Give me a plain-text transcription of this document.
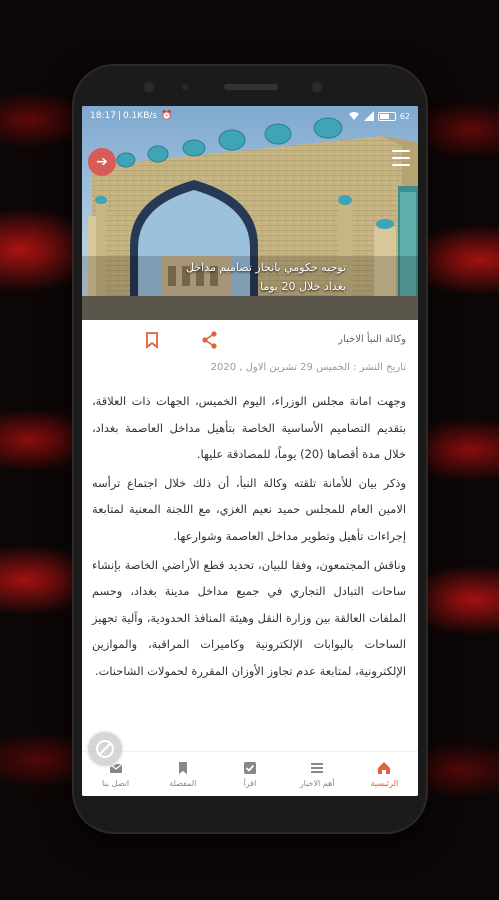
18:17 | 0.1KB/s ⏰	62
➔
توجيه حكومي بانجاز تصاميم مداخل بغداد خلال 20 يوما
وكالة النبأ الاخبار
تاريخ النشر : الخميس 29 تشرين الاول , 2020

وجهت امانة مجلس الوزراء، اليوم الخميس، الجهات ذات العلاقة، بتقديم التصاميم الأساسية الخاصة بتأهيل مداخل العاصمة بغداد، خلال مدة أقصاها (20) يوماً، للمصادقة عليها.

وذكر بيان للأمانة تلقته وكالة النبأ، أن ذلك خلال اجتماع ترأسه الامين العام للمجلس حميد نعيم الغزي، مع اللجنة المعنية لمتابعة إجراءات تأهيل وتطوير مداخل العاصمة وشوارعها.

وناقش المجتمعون، وفقا للبيان، تحديد قطع الأراضي الخاصة بإنشاء ساحات التبادل التجاري في جميع مداخل مدينة بغداد، وحسم الملفات العالقة بين وزارة النقل وهيئة المنافذ الحدودية، وآلية تجهيز الساحات بالبوابات الإلكترونية وكاميرات المراقبة، والموازين الإلكترونية، لمتابعة عدم تجاوز الأوزان المقررة لحمولات الشاحنات.

الرئيسية
أهم الاخبار
اقرأ
المفضلة
اتصل بنا
